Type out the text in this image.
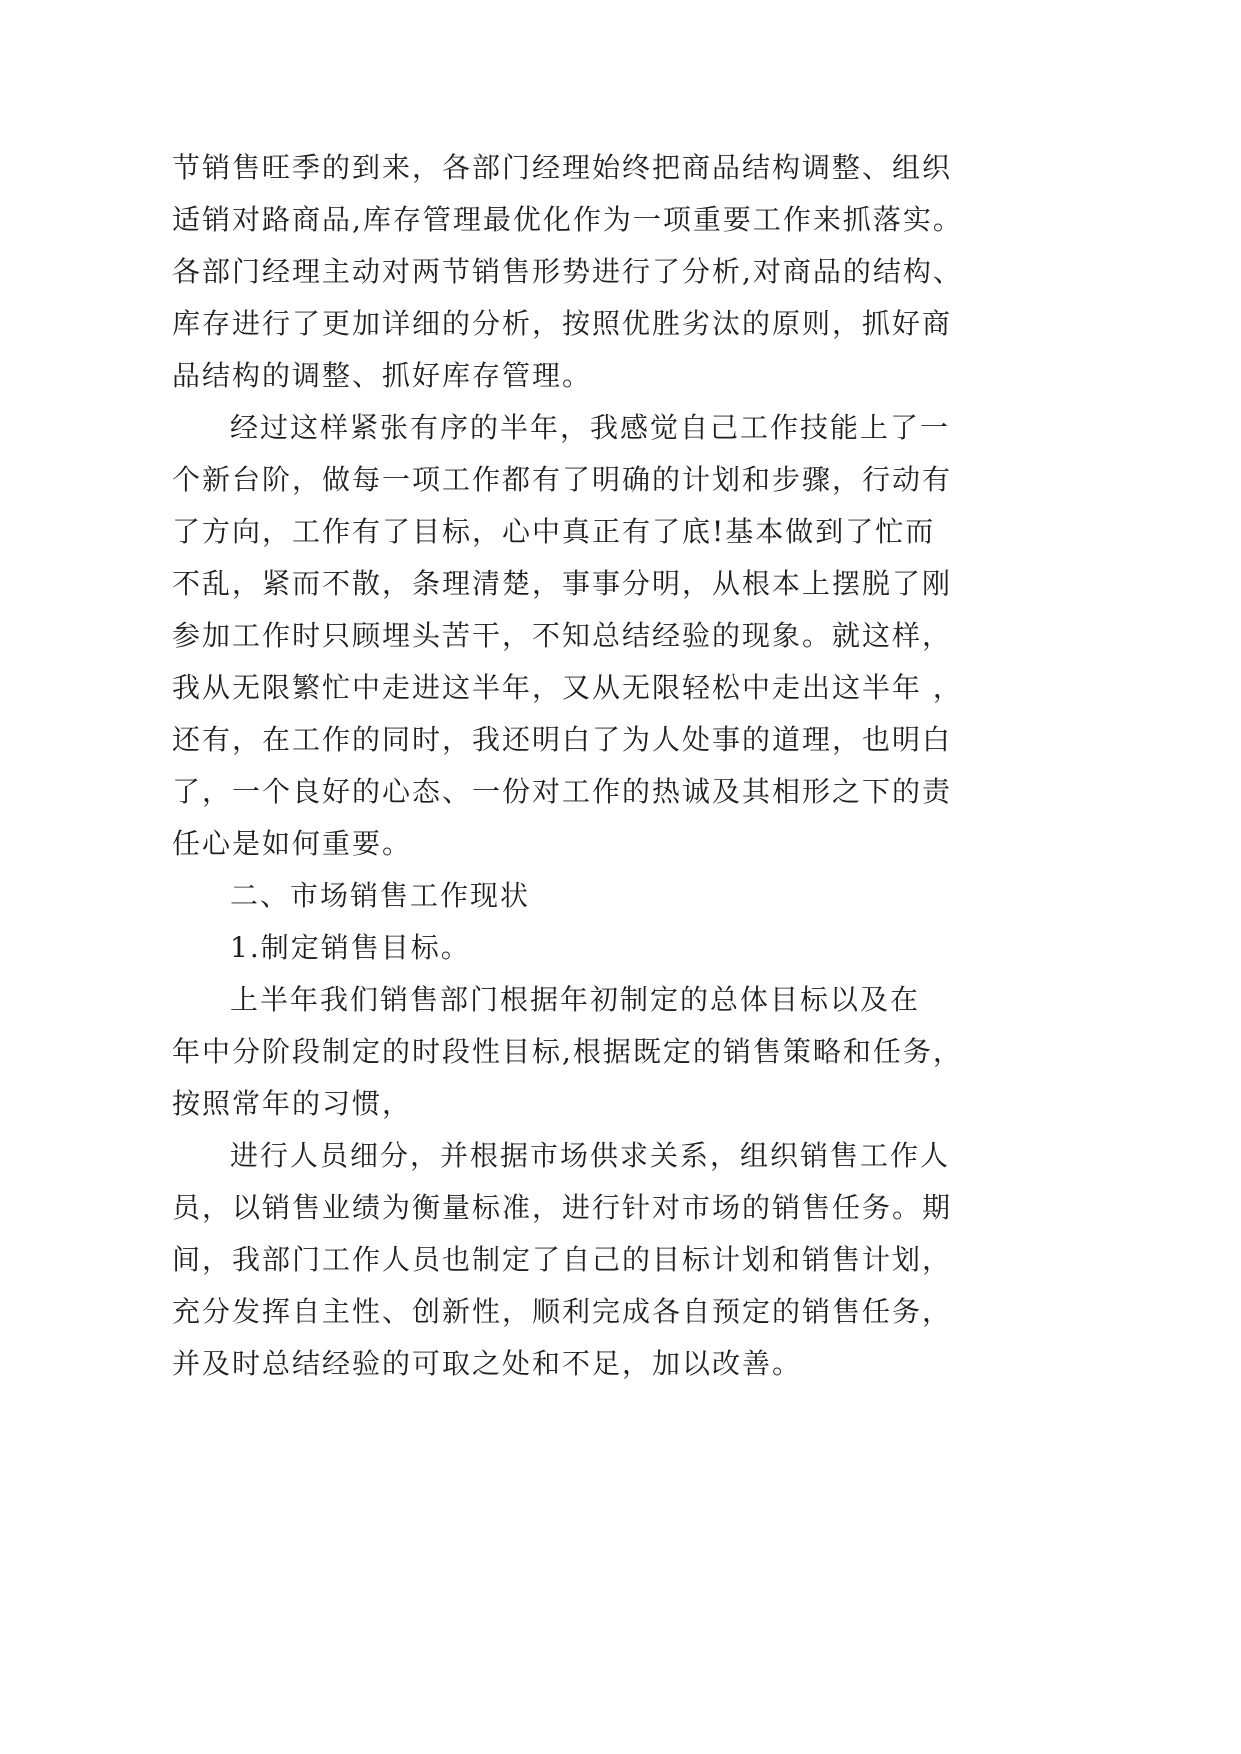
节销售旺季的到来，各部门经理始终把商品结构调整、组织
适销对路商品,库存管理最优化作为一项重要工作来抓落实。
各部门经理主动对两节销售形势进行了分析,对商品的结构、
库存进行了更加详细的分析，按照优胜劣汰的原则，抓好商
品结构的调整、抓好库存管理。
经过这样紧张有序的半年，我感觉自己工作技能上了一
个新台阶，做每一项工作都有了明确的计划和步骤，行动有
了方向，工作有了目标，心中真正有了底!基本做到了忙而
不乱，紧而不散，条理清楚，事事分明，从根本上摆脱了刚
参加工作时只顾埋头苦干，不知总结经验的现象。就这样，
我从无限繁忙中走进这半年，又从无限轻松中走出这半年 ，
还有，在工作的同时，我还明白了为人处事的道理，也明白
了，一个良好的心态、一份对工作的热诚及其相形之下的责
任心是如何重要。
二、市场销售工作现状
1.制定销售目标。
上半年我们销售部门根据年初制定的总体目标以及在
年中分阶段制定的时段性目标,根据既定的销售策略和任务，
按照常年的习惯，
进行人员细分，并根据市场供求关系，组织销售工作人
员，以销售业绩为衡量标准，进行针对市场的销售任务。期
间，我部门工作人员也制定了自己的目标计划和销售计划，
充分发挥自主性、创新性，顺利完成各自预定的销售任务，
并及时总结经验的可取之处和不足，加以改善。
